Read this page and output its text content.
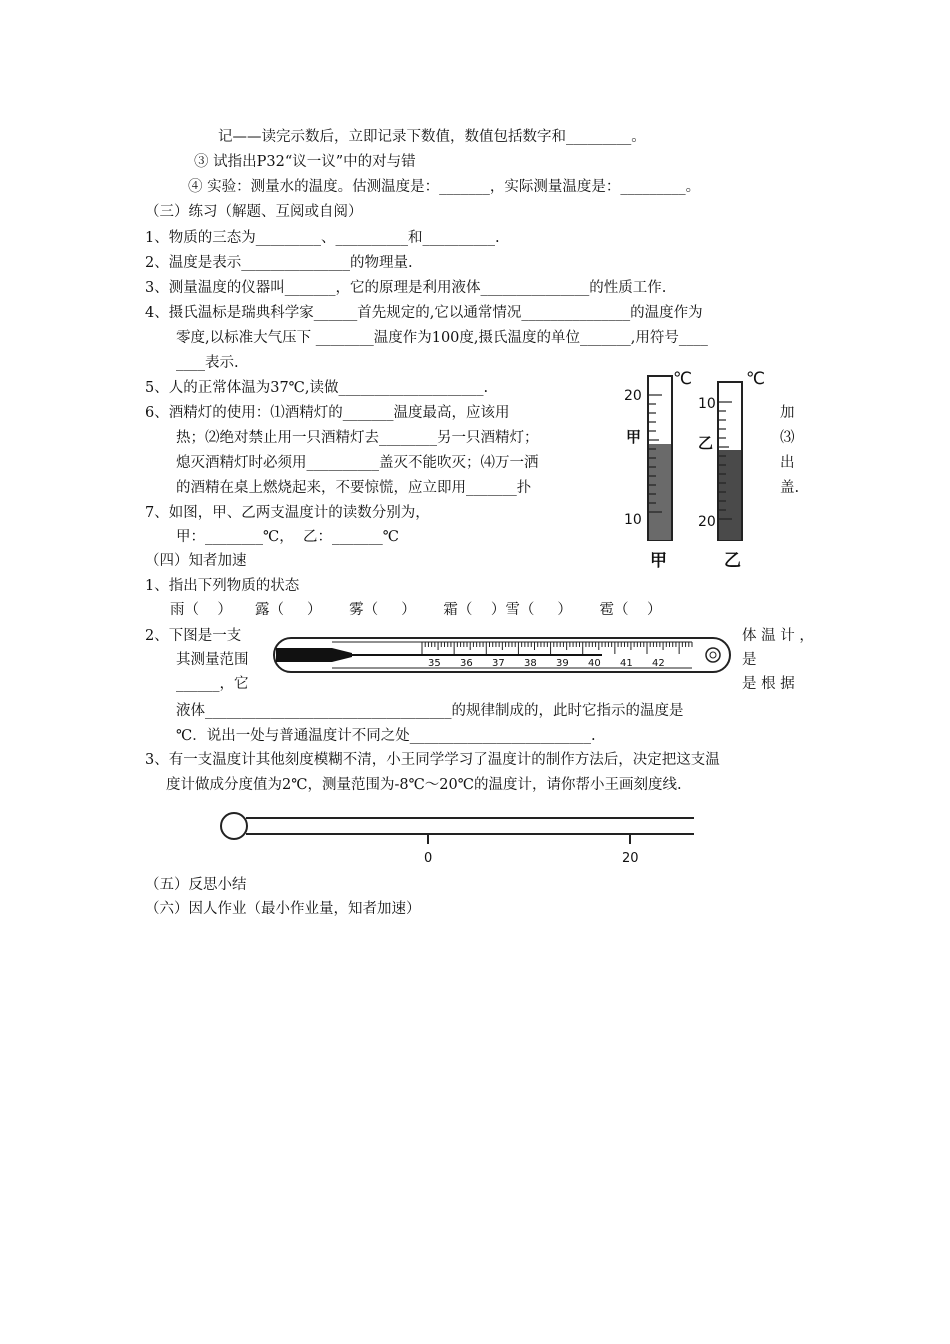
记——读完示数后，立即记录下数值，数值包括数字和_________。
③ 试指出P32“议一议”中的对与错
④ 实验：测量水的温度。估测温度是：_______，实际测量温度是：_________。
（三）练习（解题、互阅或自阅）
1、物质的三态为_________、__________和__________.
2、温度是表示_______________的物理量.
3、测量温度的仪器叫_______，它的原理是利用液体_______________的性质工作.
4、摄氏温标是瑞典科学家______首先规定的,它以通常情况_______________的温度作为
零度,以标准大气压下 ________温度作为100度,摄氏温度的单位_______,用符号____
____表示.
5、人的正常体温为37℃,读做____________________.
6、酒精灯的使用：⑴酒精灯的_______温度最高，应该用	加
热；⑵绝对禁止用一只酒精灯去________另一只酒精灯；	⑶
熄灭酒精灯时必须用__________盖灭不能吹灭；⑷万一洒	出
的酒精在桌上燃烧起来，不要惊慌，应立即用_______扑	盖.
7、如图，甲、乙两支温度计的读数分别为，
甲：________℃，  乙：_______℃
（四）知者加速
1、指出下列物质的状态
雨（    ）     露（     ）      雾（     ）      霜（    ）雪（     ）      雹（    ）
2、下图是一支	体 温 计 ，
其测量范围	是
______，它	是 根 据
液体__________________________________的规律制成的，此时它指示的温度是
℃．说出一处与普通温度计不同之处_________________________.
3、有一支温度计其他刻度模糊不清，小王同学学习了温度计的制作方法后，决定把这支温
度计做成分度值为2℃，测量范围为-8℃～20℃的温度计，请你帮小王画刻度线.
（五）反思小结
（六）因人作业（最小作业量，知者加速）
℃
20
甲
10
甲
℃
10
乙
20
乙
35 36 37 38 39 40 41 42
0	20
